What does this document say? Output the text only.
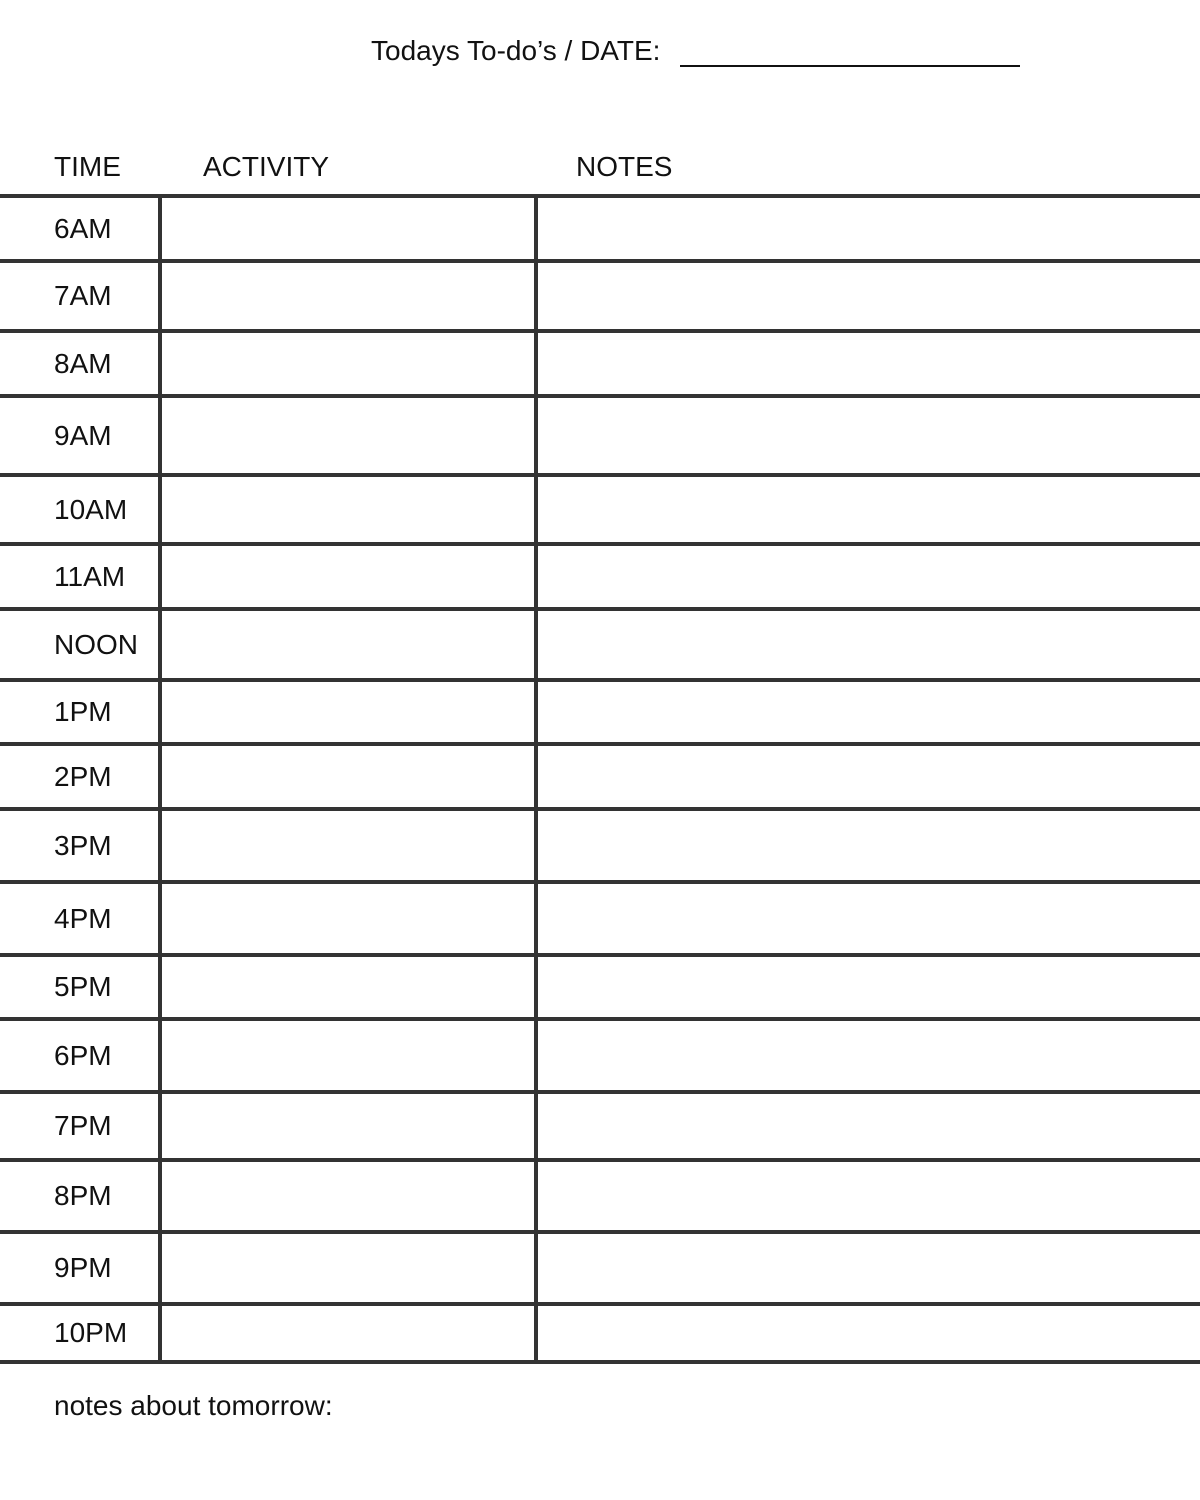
Todays To-do’s / DATE:
TIME	ACTIVITY	NOTES
6AM
7AM
8AM
9AM
10AM
11AM
NOON
1PM
2PM
3PM
4PM
5PM
6PM
7PM
8PM
9PM
10PM
notes about tomorrow:
